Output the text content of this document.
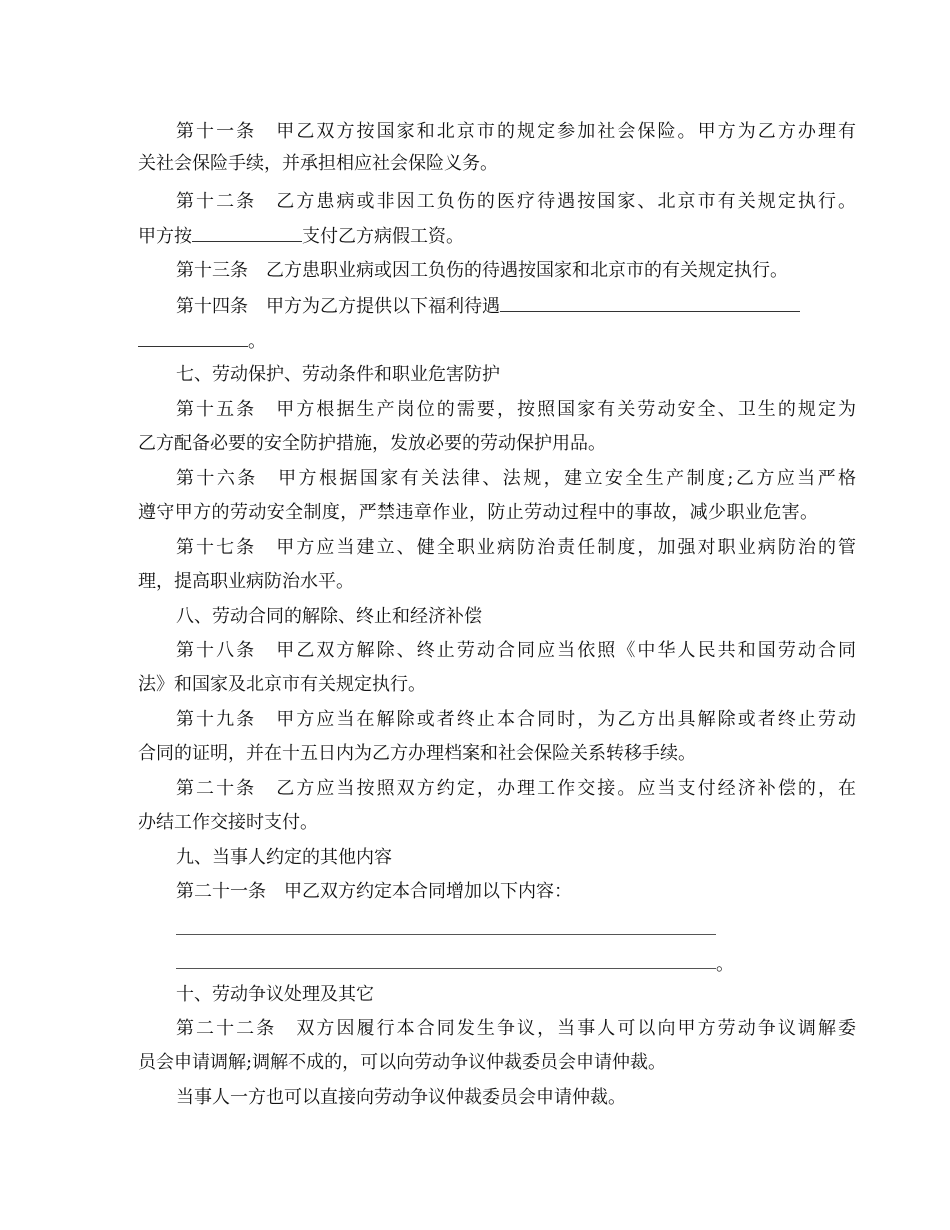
第十一条 甲乙双方按国家和北京市的规定参加社会保险。甲方为乙方办理有
关社会保险手续，并承担相应社会保险义务。
第十二条 乙方患病或非因工负伤的医疗待遇按国家、北京市有关规定执行。
甲方按	支付乙方病假工资。
第十三条 乙方患职业病或因工负伤的待遇按国家和北京市的有关规定执行。
第十四条 甲方为乙方提供以下福利待遇
。
七、劳动保护、劳动条件和职业危害防护
第十五条 甲方根据生产岗位的需要，按照国家有关劳动安全、卫生的规定为
乙方配备必要的安全防护措施，发放必要的劳动保护用品。
第十六条 甲方根据国家有关法律、法规，建立安全生产制度;乙方应当严格
遵守甲方的劳动安全制度，严禁违章作业，防止劳动过程中的事故，减少职业危害。
第十七条 甲方应当建立、健全职业病防治责任制度，加强对职业病防治的管
理，提高职业病防治水平。
八、劳动合同的解除、终止和经济补偿
第十八条 甲乙双方解除、终止劳动合同应当依照《中华人民共和国劳动合同
法》和国家及北京市有关规定执行。
第十九条 甲方应当在解除或者终止本合同时，为乙方出具解除或者终止劳动
合同的证明，并在十五日内为乙方办理档案和社会保险关系转移手续。
第二十条 乙方应当按照双方约定，办理工作交接。应当支付经济补偿的，在
办结工作交接时支付。
九、当事人约定的其他内容
第二十一条 甲乙双方约定本合同增加以下内容：
。
十、劳动争议处理及其它
第二十二条 双方因履行本合同发生争议，当事人可以向甲方劳动争议调解委
员会申请调解;调解不成的，可以向劳动争议仲裁委员会申请仲裁。
当事人一方也可以直接向劳动争议仲裁委员会申请仲裁。
